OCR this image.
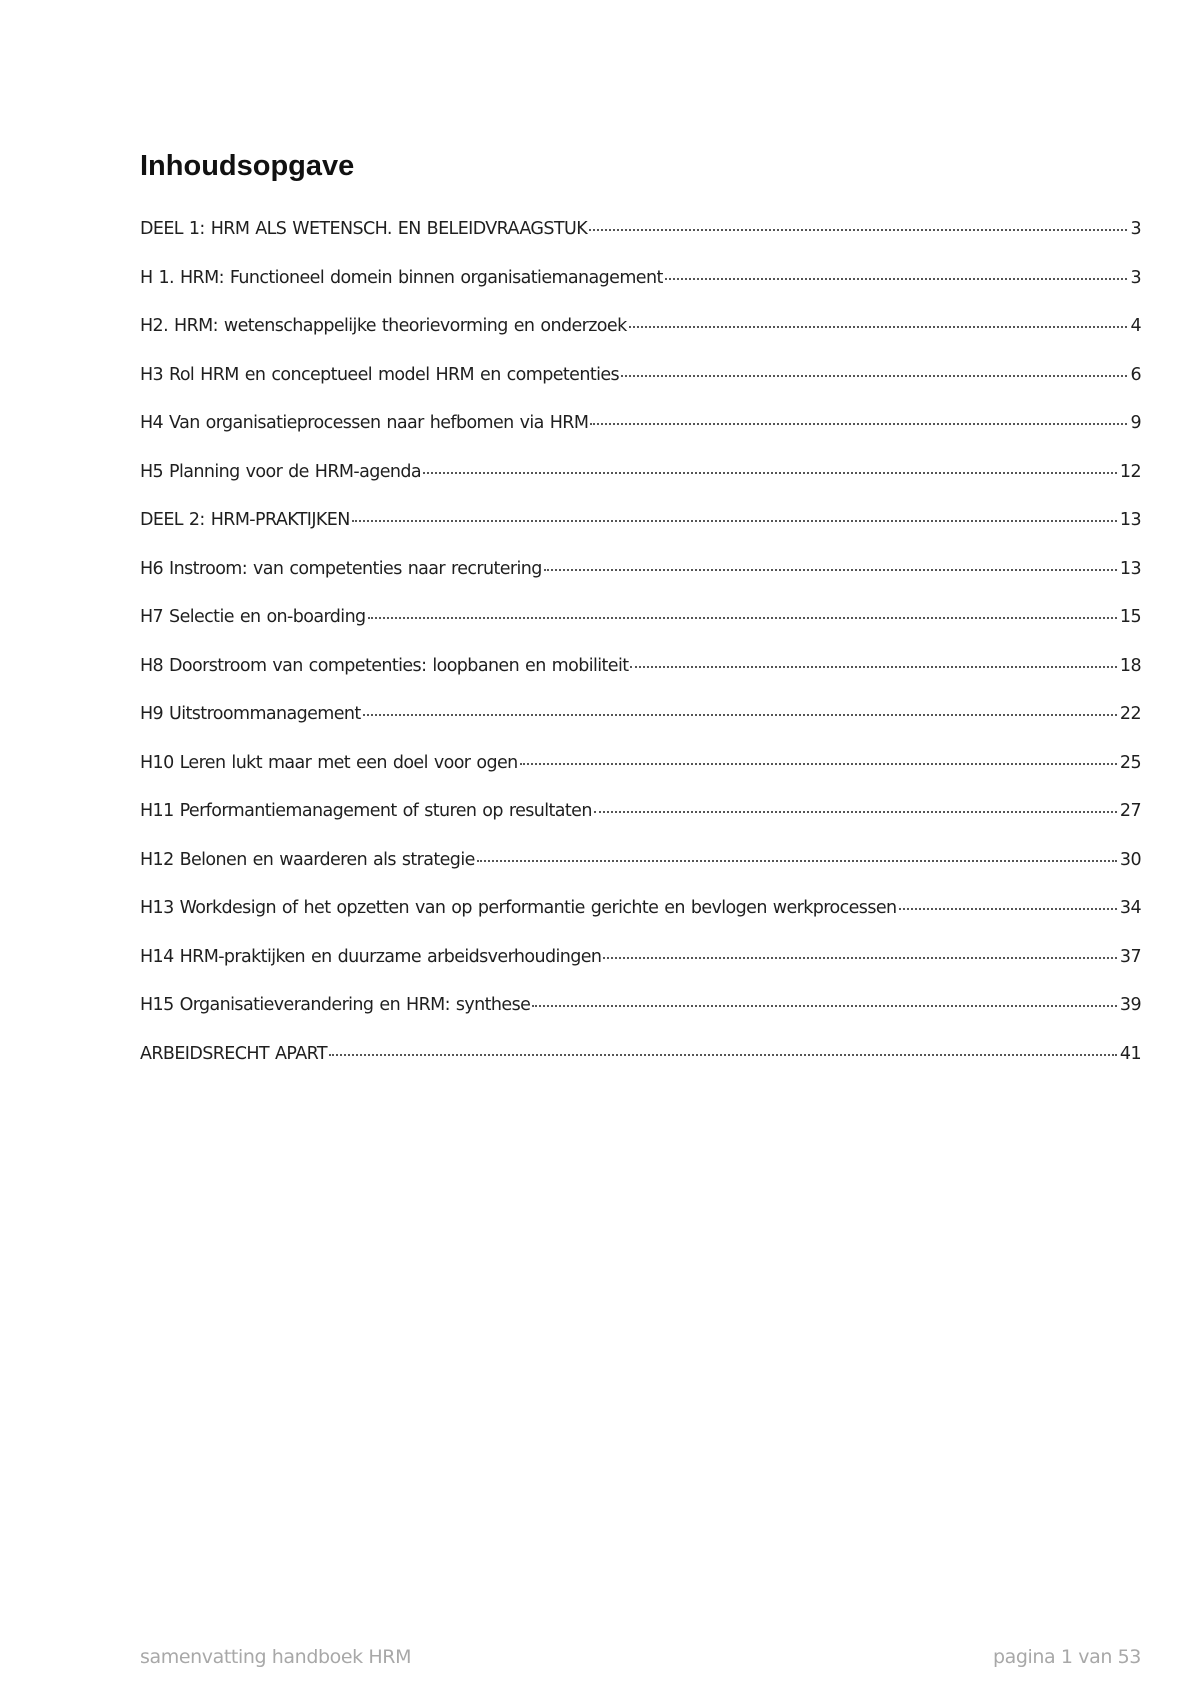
Inhoudsopgave
DEEL 1: HRM ALS WETENSCH. EN BELEIDVRAAGSTUK	3
H 1. HRM: Functioneel domein binnen organisatiemanagement	3
H2. HRM: wetenschappelijke theorievorming en onderzoek	4
H3 Rol HRM en conceptueel model HRM en competenties	6
H4 Van organisatieprocessen naar hefbomen via HRM	9
H5 Planning voor de HRM-agenda	12
DEEL 2: HRM-PRAKTIJKEN	13
H6 Instroom: van competenties naar recrutering	13
H7 Selectie en on-boarding	15
H8 Doorstroom van competenties: loopbanen en mobiliteit	18
H9 Uitstroommanagement	22
H10 Leren lukt maar met een doel voor ogen	25
H11 Performantiemanagement of sturen op resultaten	27
H12 Belonen en waarderen als strategie	30
H13 Workdesign of het opzetten van op performantie gerichte en bevlogen werkprocessen	34
H14 HRM-praktijken en duurzame arbeidsverhoudingen	37
H15 Organisatieverandering en HRM: synthese	39
ARBEIDSRECHT APART	41
samenvatting handboek HRM	pagina 1 van 53
